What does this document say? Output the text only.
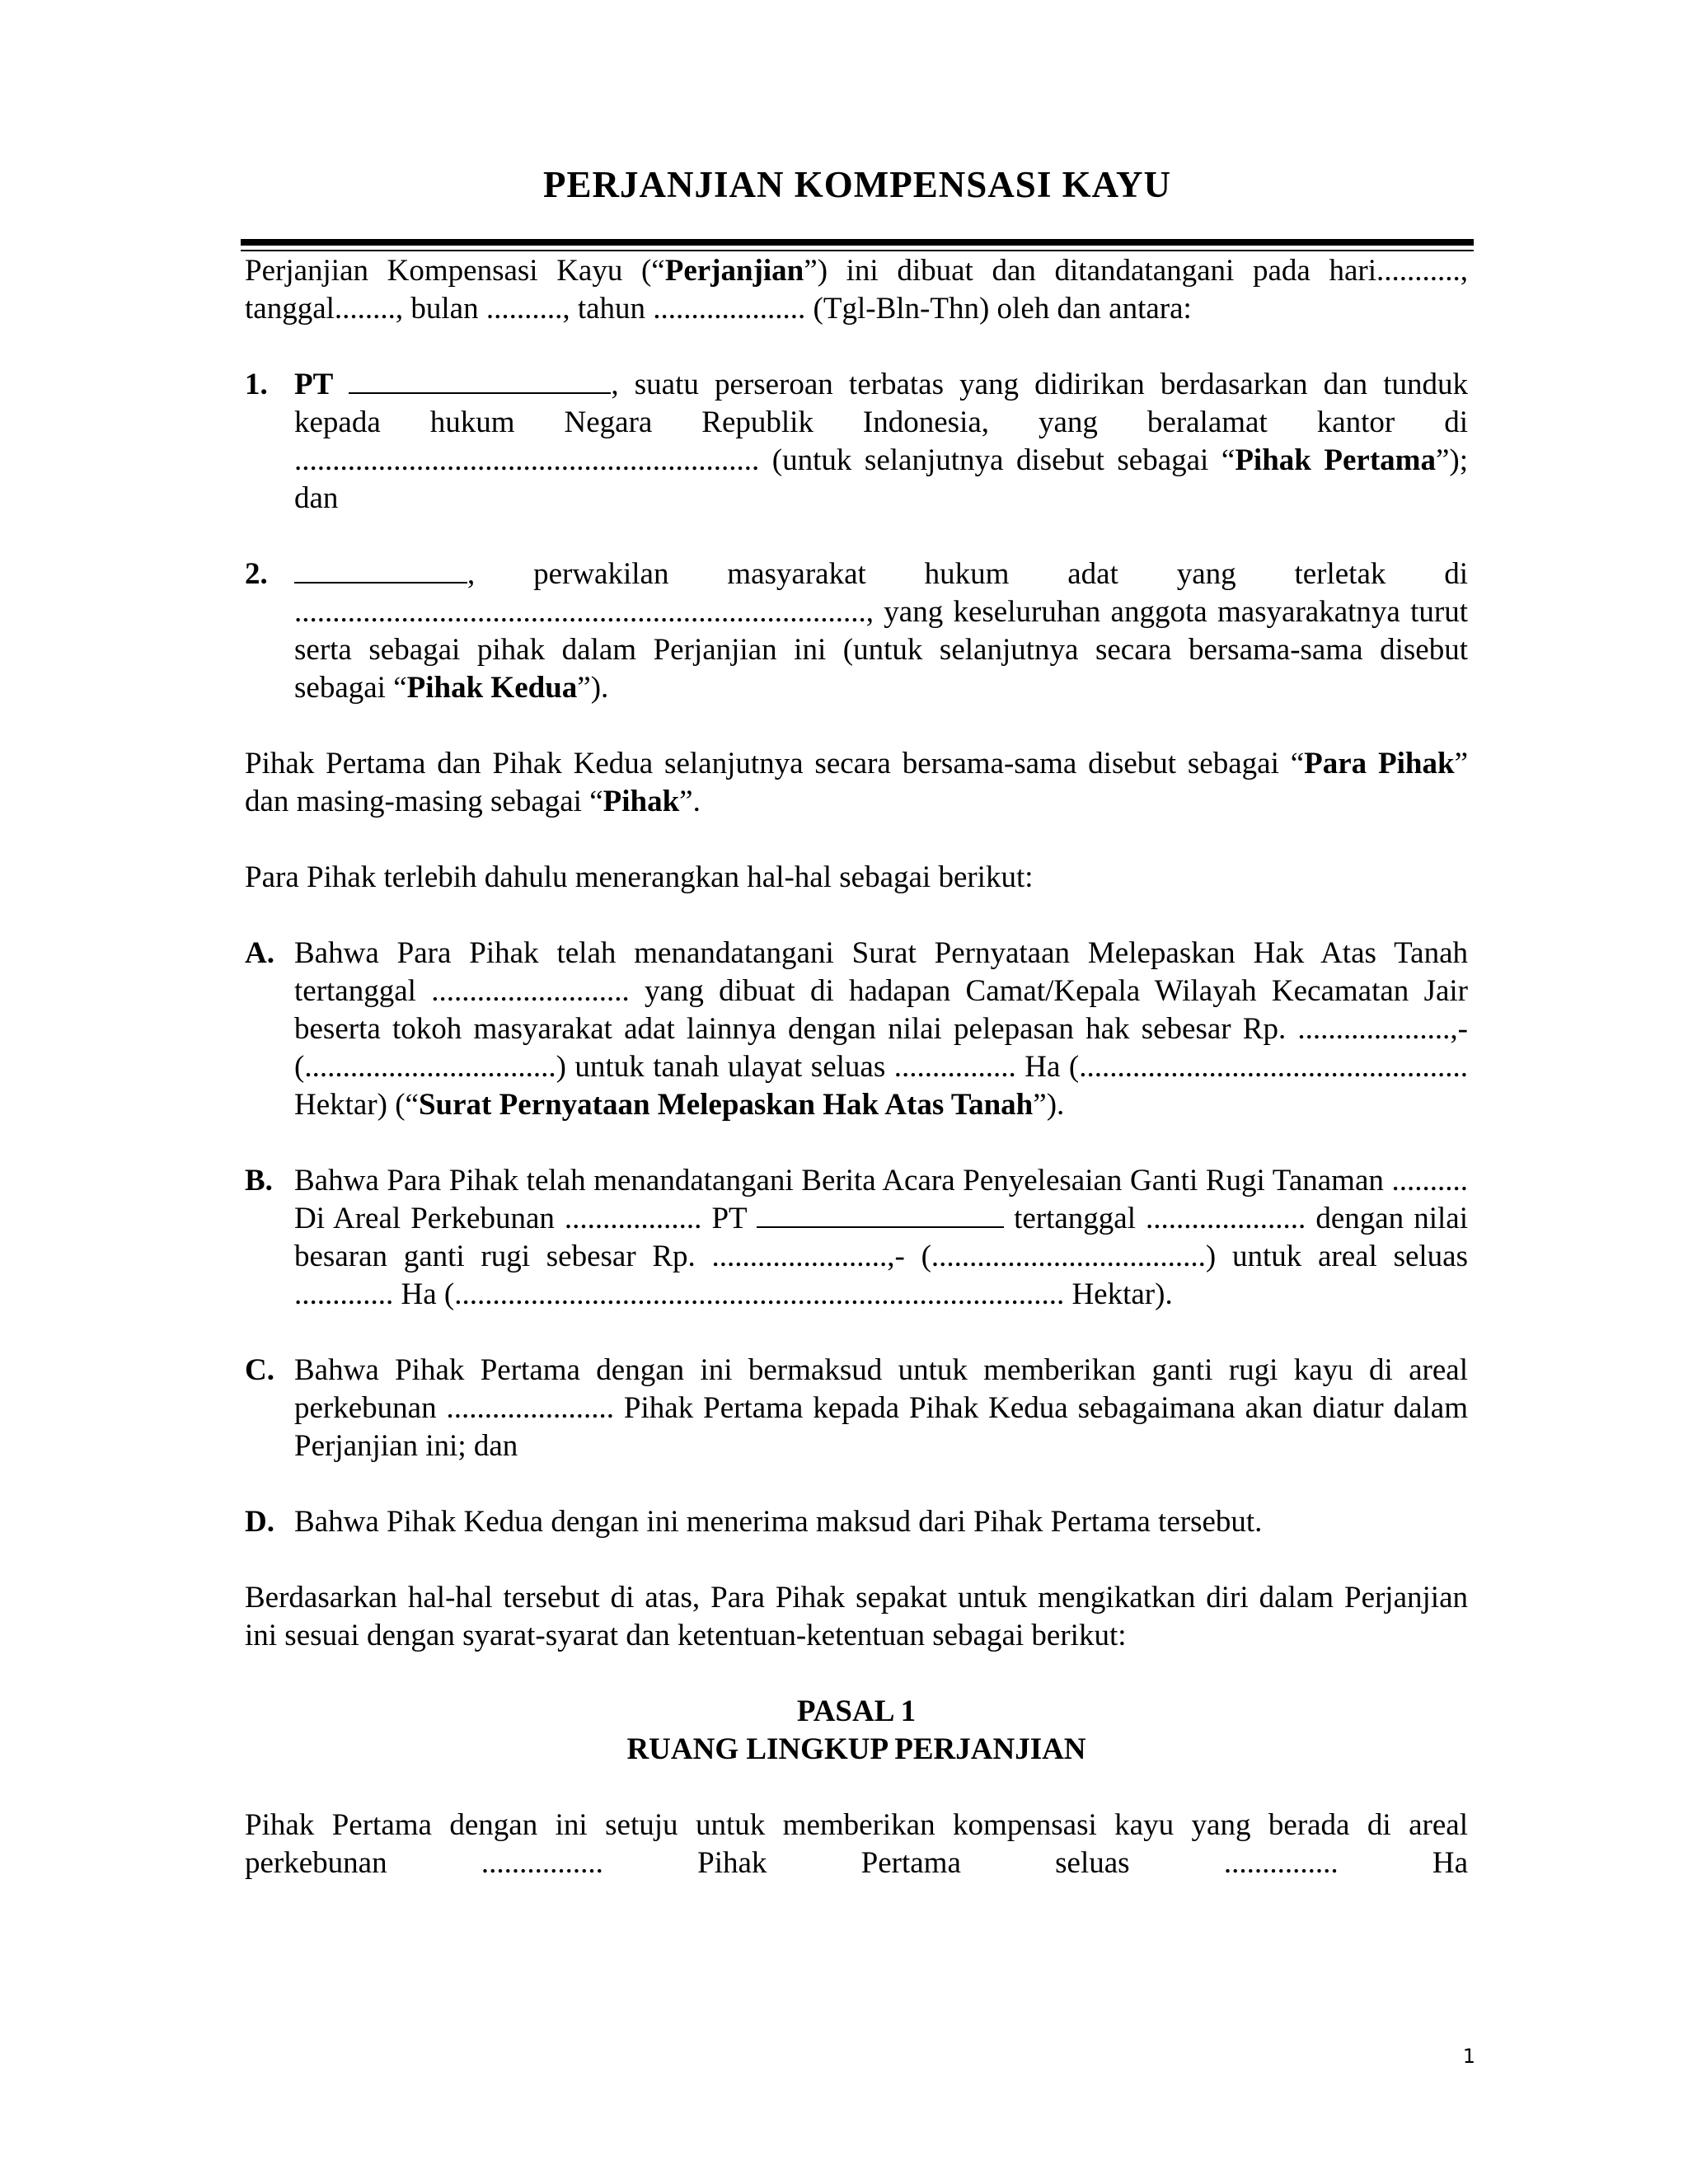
PERJANJIAN KOMPENSASI KAYU

Perjanjian Kompensasi Kayu (“Perjanjian”) ini dibuat dan ditandatangani pada hari..........., tanggal........, bulan .........., tahun .................... (Tgl-Bln-Thn) oleh dan antara:

1. PT	, suatu perseroan terbatas yang didirikan berdasarkan dan tunduk kepada hukum Negara Republik Indonesia, yang beralamat kantor di ............................................................. (untuk selanjutnya disebut sebagai “Pihak Pertama”); dan
2.	, perwakilan masyarakat hukum adat yang terletak di ..........................................................................., yang keseluruhan anggota masyarakatnya turut serta sebagai pihak dalam Perjanjian ini (untuk selanjutnya secara bersama-sama disebut sebagai “Pihak Kedua”).

Pihak Pertama dan Pihak Kedua selanjutnya secara bersama-sama disebut sebagai “Para Pihak” dan masing-masing sebagai “Pihak”.

Para Pihak terlebih dahulu menerangkan hal-hal sebagai berikut:

A. Bahwa Para Pihak telah menandatangani Surat Pernyataan Melepaskan Hak Atas Tanah tertanggal .......................... yang dibuat di hadapan Camat/Kepala Wilayah Kecamatan Jair beserta tokoh masyarakat adat lainnya dengan nilai pelepasan hak sebesar Rp. ....................,- (.................................) untuk tanah ulayat seluas ................ Ha (................................................... Hektar) (“Surat Pernyataan Melepaskan Hak Atas Tanah”).
B. Bahwa Para Pihak telah menandatangani Berita Acara Penyelesaian Ganti Rugi Tanaman .......... Di Areal Perkebunan .................. PT	tertanggal ..................... dengan nilai besaran ganti rugi sebesar Rp. .......................,- (....................................) untuk areal seluas ............. Ha (................................................................................ Hektar).
C. Bahwa Pihak Pertama dengan ini bermaksud untuk memberikan ganti rugi kayu di areal perkebunan ...................... Pihak Pertama kepada Pihak Kedua sebagaimana akan diatur dalam Perjanjian ini; dan
D. Bahwa Pihak Kedua dengan ini menerima maksud dari Pihak Pertama tersebut.

Berdasarkan hal-hal tersebut di atas, Para Pihak sepakat untuk mengikatkan diri dalam Perjanjian ini sesuai dengan syarat-syarat dan ketentuan-ketentuan sebagai berikut:

PASAL 1

RUANG LINGKUP PERJANJIAN

Pihak Pertama dengan ini setuju untuk memberikan kompensasi kayu yang berada di areal perkebunan ................ Pihak Pertama seluas ............... Ha

1
